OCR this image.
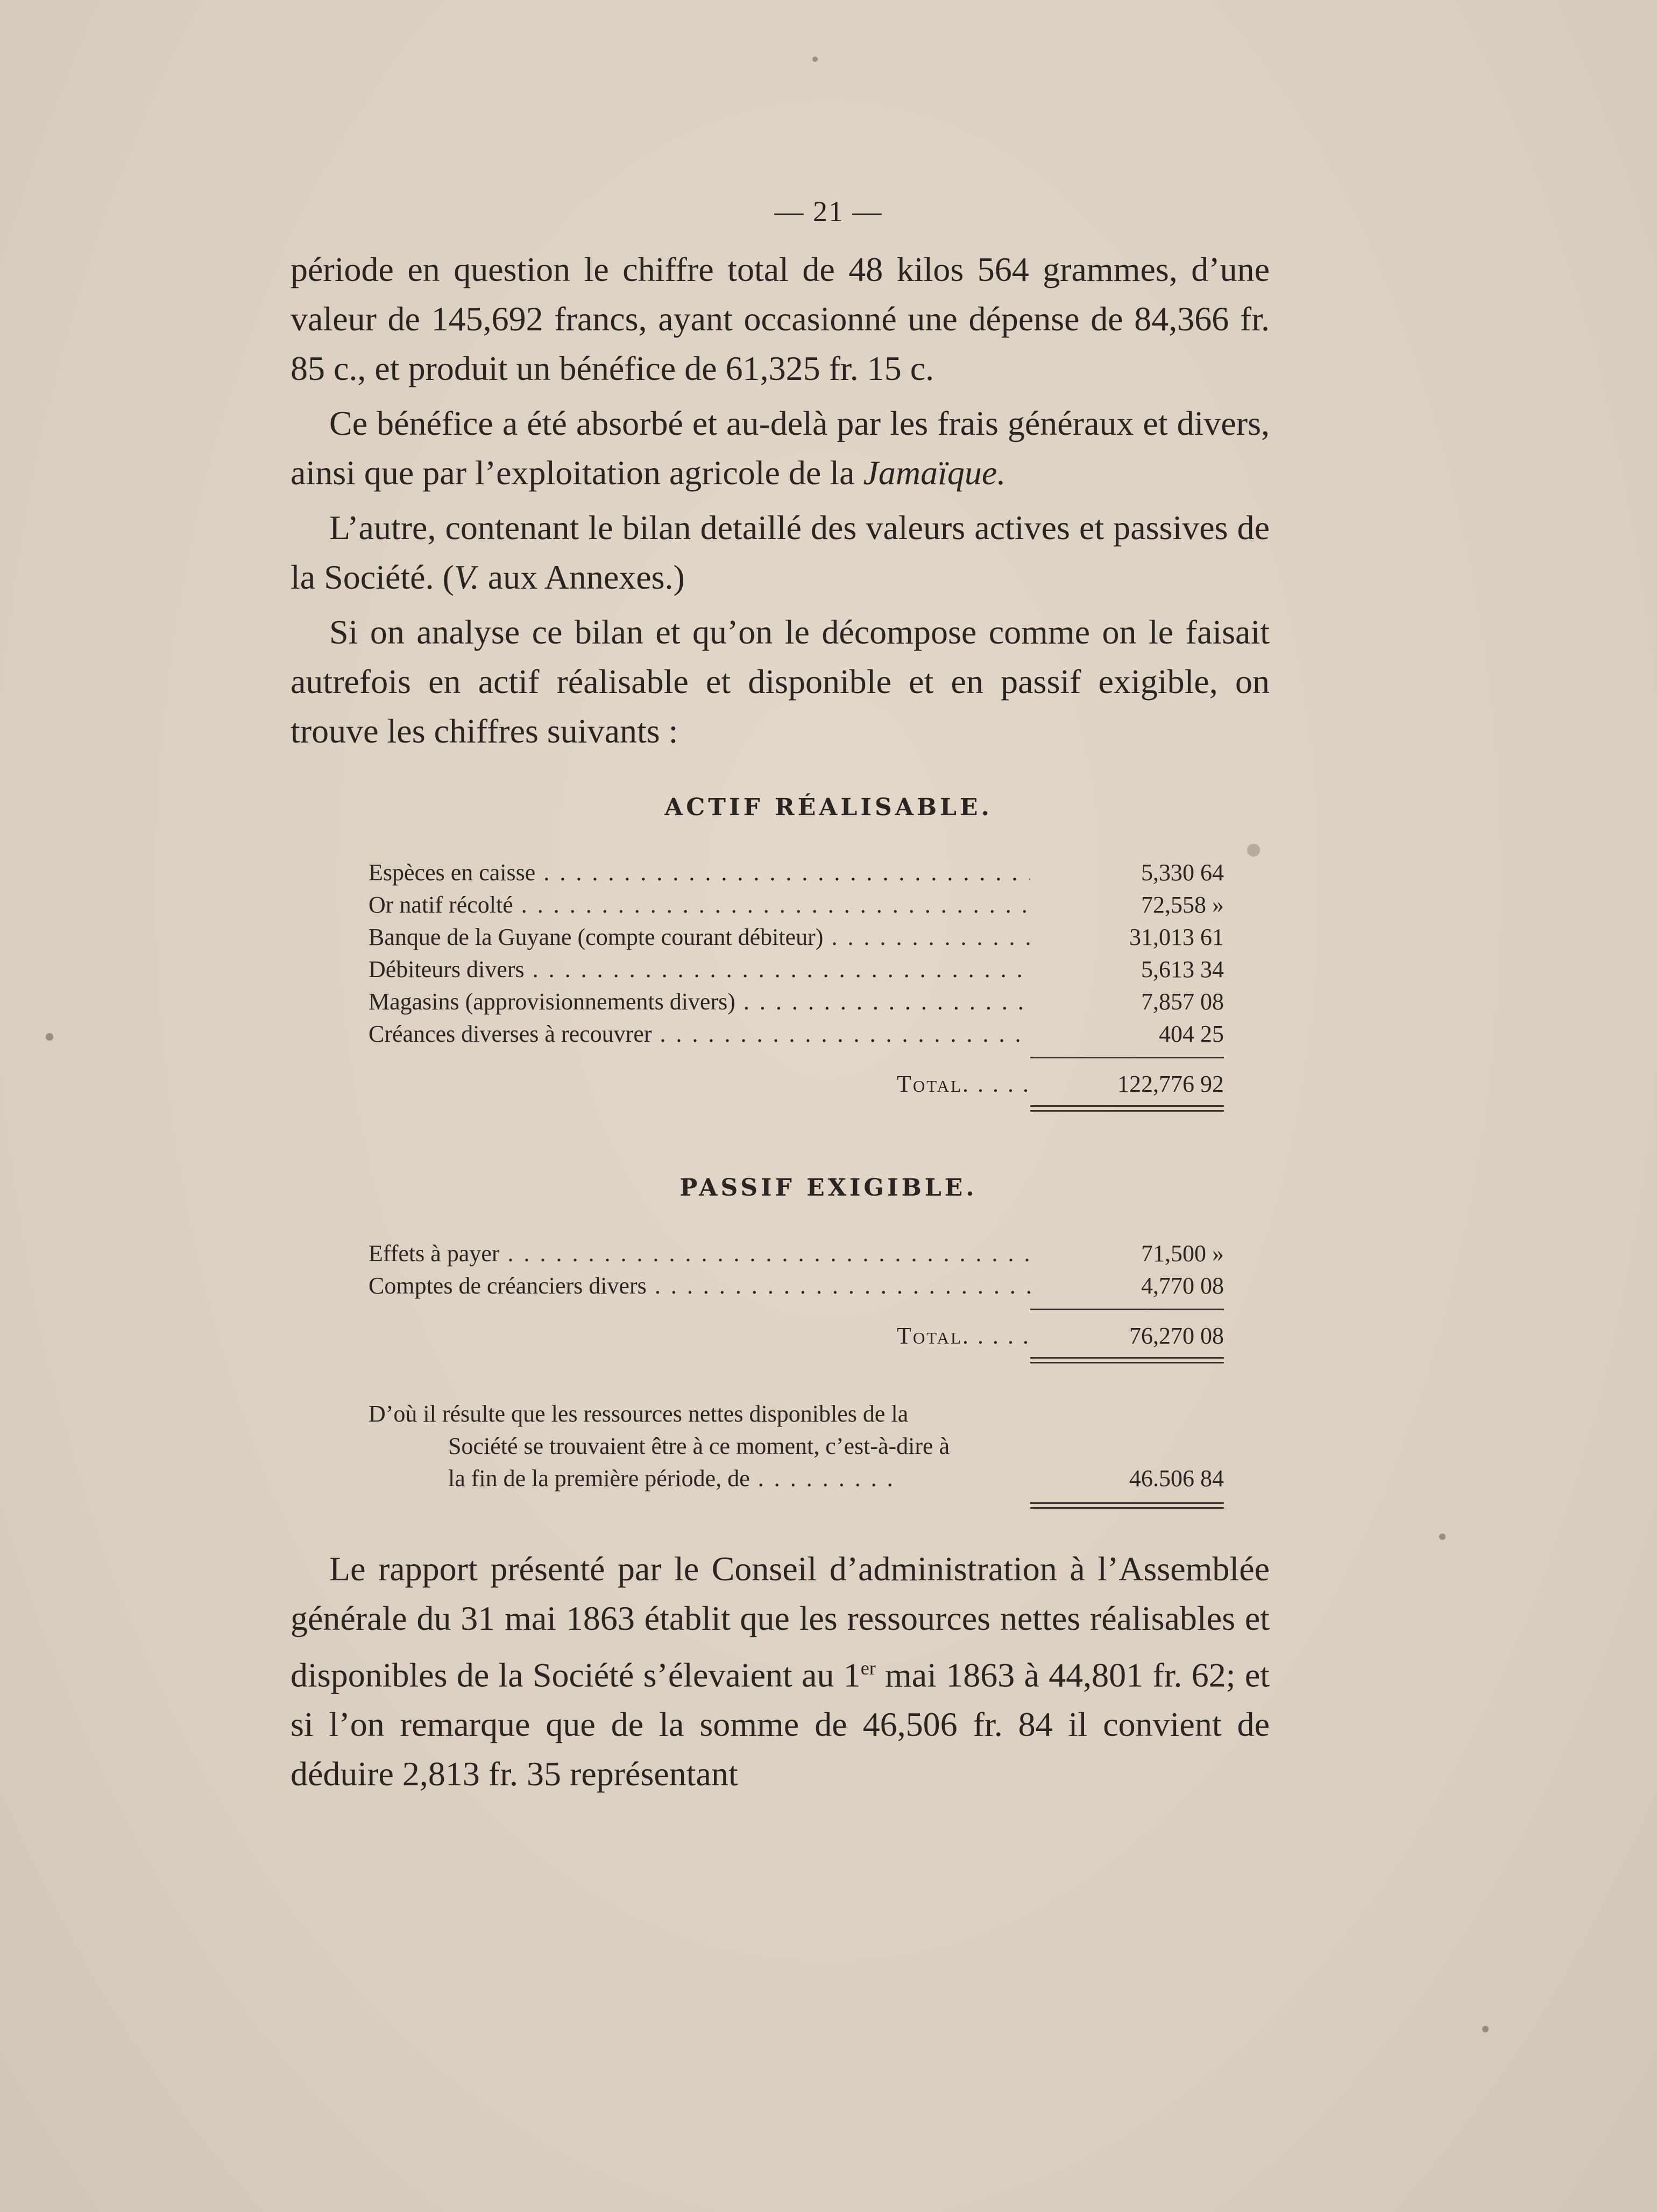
— 21 —

période en question le chiffre total de 48 kilos 564 grammes, d’une valeur de 145,692 francs, ayant occasionné une dépense de 84,366 fr. 85 c., et produit un bénéfice de 61,325 fr. 15 c.

Ce bénéfice a été absorbé et au-delà par les frais généraux et divers, ainsi que par l’exploitation agricole de la Jamaïque.

L’autre, contenant le bilan detaillé des valeurs actives et passives de la Société. (V. aux Annexes.)

Si on analyse ce bilan et qu’on le décompose comme on le faisait autrefois en actif réalisable et disponible et en passif exigible, on trouve les chiffres suivants :

ACTIF RÉALISABLE.
Espèces en caisse . . .	5,330 64
Or natif récolté . . .	72,558 »
Banque de la Guyane (compte courant débiteur) . . .	31,013 61
Débiteurs divers . . .	5,613 34
Magasins (approvisionnements divers) . . .	7,857 08
Créances diverses à recouvrer . . .	404 25
Total. . . . .	122,776 92
PASSIF EXIGIBLE.
Effets à payer . . .	71,500 »
Comptes de créanciers divers . . .	4,770 08
Total. . . . .	76,270 08
D’où il résulte que les ressources nettes disponibles de la
Société se trouvaient être à ce moment, c’est-à-dire à
la fin de la première période, de . . .	46.506 84

Le rapport présenté par le Conseil d’administration à l’Assemblée générale du 31 mai 1863 établit que les ressources nettes réalisables et disponibles de la Société s’élevaient au 1er mai 1863 à 44,801 fr. 62; et si l’on remarque que de la somme de 46,506 fr. 84 il convient de déduire 2,813 fr. 35 représentant
